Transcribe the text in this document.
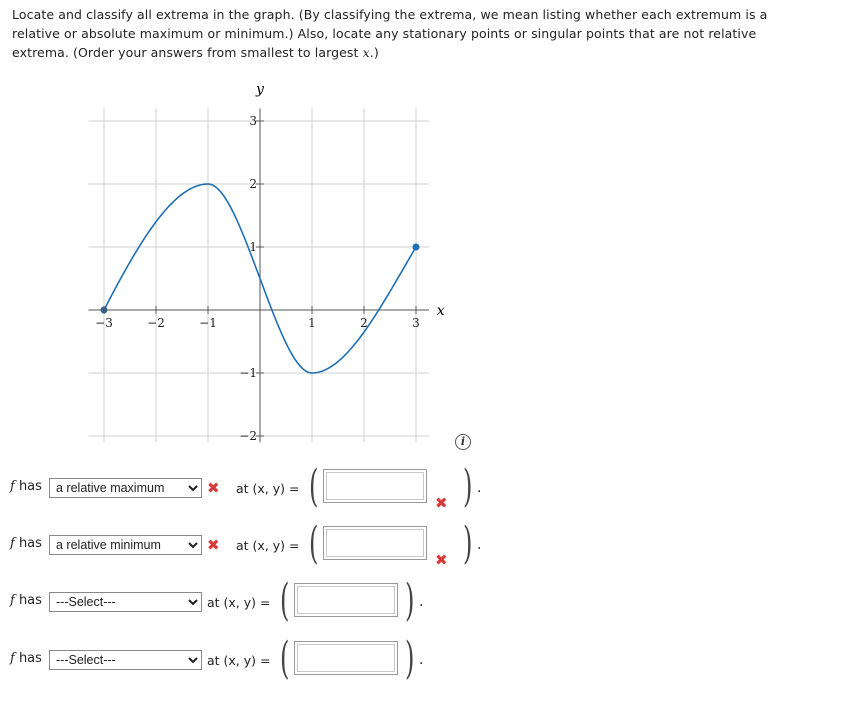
Locate and classify all extrema in the graph. (By classifying the extrema, we mean listing whether each extremum is a relative or absolute maximum or minimum.) Also, locate any stationary points or singular points that are not relative extrema. (Order your answers from smallest to largest x.)
−3	−2	−1	1	2	3
3
2
1
−1
−2
x
y
i
f has
a relative maximum	✖ at (x, y) = (	✖ ) .
f has
a relative minimum	✖ at (x, y) = (	✖ ) .
f has
---Select---	at (x, y) = (	) .
f has
---Select---	at (x, y) = (	) .
